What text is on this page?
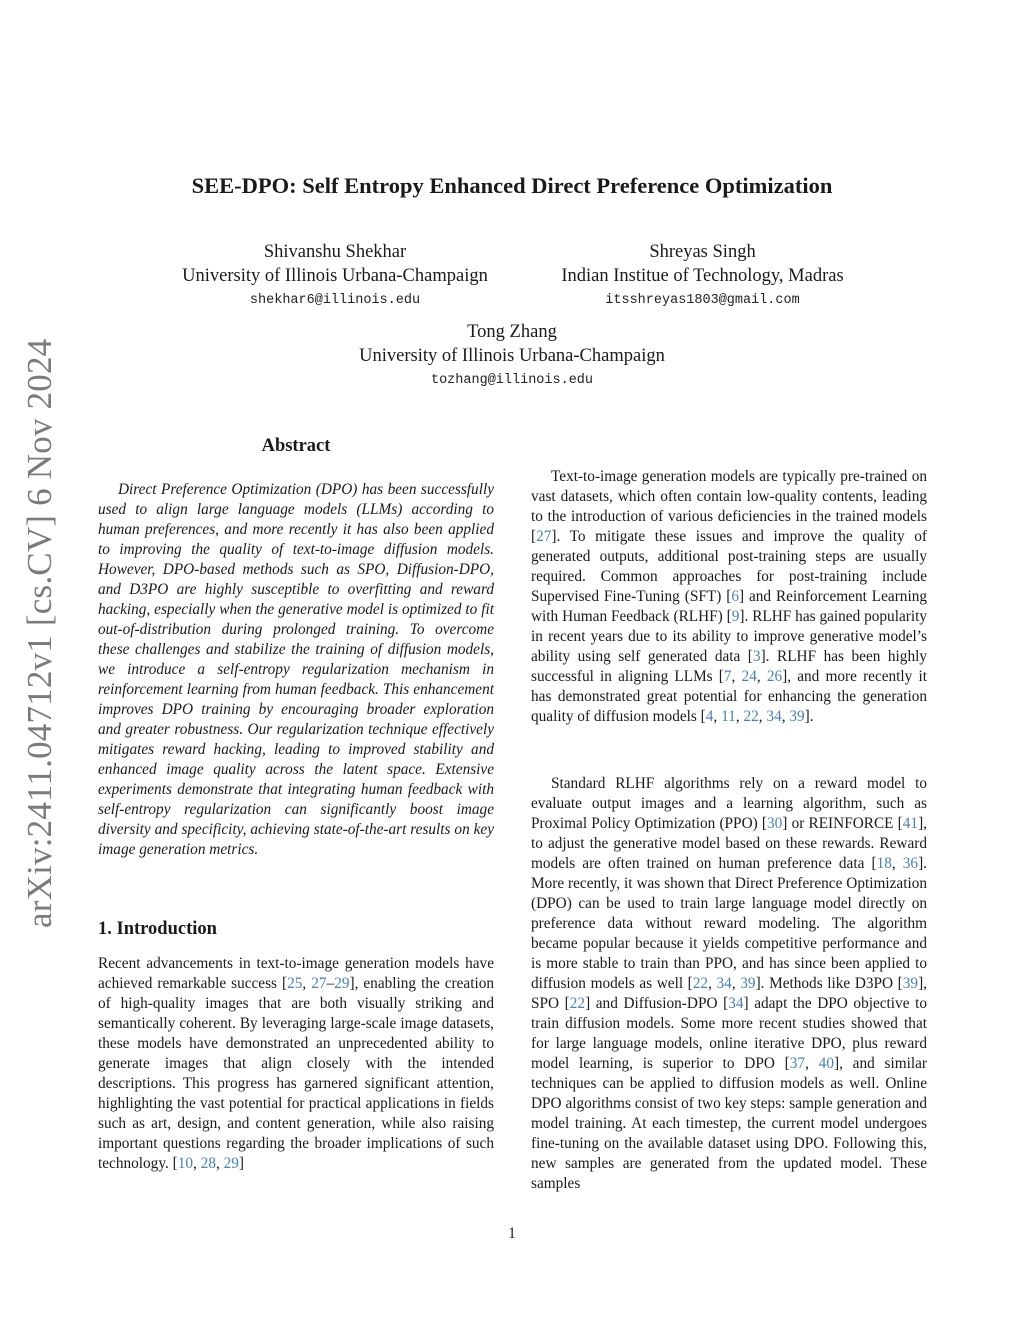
arXiv:2411.04712v1 [cs.CV] 6 Nov 2024
SEE-DPO: Self Entropy Enhanced Direct Preference Optimization
Shivanshu Shekhar
University of Illinois Urbana-Champaign
shekhar6@illinois.edu
Shreyas Singh
Indian Institue of Technology, Madras
itsshreyas1803@gmail.com
Tong Zhang
University of Illinois Urbana-Champaign
tozhang@illinois.edu
Abstract

Direct Preference Optimization (DPO) has been successfully used to align large language models (LLMs) according to human preferences, and more recently it has also been applied to improving the quality of text-to-image diffusion models. However, DPO-based methods such as SPO, Diffusion-DPO, and D3PO are highly susceptible to overfitting and reward hacking, especially when the generative model is optimized to fit out-of-distribution during prolonged training. To overcome these challenges and stabilize the training of diffusion models, we introduce a self-entropy regularization mechanism in reinforcement learning from human feedback. This enhancement improves DPO training by encouraging broader exploration and greater robustness. Our regularization technique effectively mitigates reward hacking, leading to improved stability and enhanced image quality across the latent space. Extensive experiments demonstrate that integrating human feedback with self-entropy regularization can significantly boost image diversity and specificity, achieving state-of-the-art results on key image generation metrics.

1. Introduction

Recent advancements in text-to-image generation models have achieved remarkable success [25, 27–29], enabling the creation of high-quality images that are both visually striking and semantically coherent. By leveraging large-scale image datasets, these models have demonstrated an unprecedented ability to generate images that align closely with the intended descriptions. This progress has garnered significant attention, highlighting the vast potential for practical applications in fields such as art, design, and content generation, while also raising important questions regarding the broader implications of such technology. [10, 28, 29]

Text-to-image generation models are typically pre-trained on vast datasets, which often contain low-quality contents, leading to the introduction of various deficiencies in the trained models [27]. To mitigate these issues and improve the quality of generated outputs, additional post-training steps are usually required. Common approaches for post-training include Supervised Fine-Tuning (SFT) [6] and Reinforcement Learning with Human Feedback (RLHF) [9]. RLHF has gained popularity in recent years due to its ability to improve generative model’s ability using self generated data [3]. RLHF has been highly successful in aligning LLMs [7, 24, 26], and more recently it has demonstrated great potential for enhancing the generation quality of diffusion models [4, 11, 22, 34, 39].

Standard RLHF algorithms rely on a reward model to evaluate output images and a learning algorithm, such as Proximal Policy Optimization (PPO) [30] or REINFORCE [41], to adjust the generative model based on these rewards. Reward models are often trained on human preference data [18, 36]. More recently, it was shown that Direct Preference Optimization (DPO) can be used to train large language model directly on preference data without reward modeling. The algorithm became popular because it yields competitive performance and is more stable to train than PPO, and has since been applied to diffusion models as well [22, 34, 39]. Methods like D3PO [39], SPO [22] and Diffusion-DPO [34] adapt the DPO objective to train diffusion models. Some more recent studies showed that for large language models, online iterative DPO, plus reward model learning, is superior to DPO [37, 40], and similar techniques can be applied to diffusion models as well. Online DPO algorithms consist of two key steps: sample generation and model training. At each timestep, the current model undergoes fine-tuning on the available dataset using DPO. Following this, new samples are generated from the updated model. These samples

1
